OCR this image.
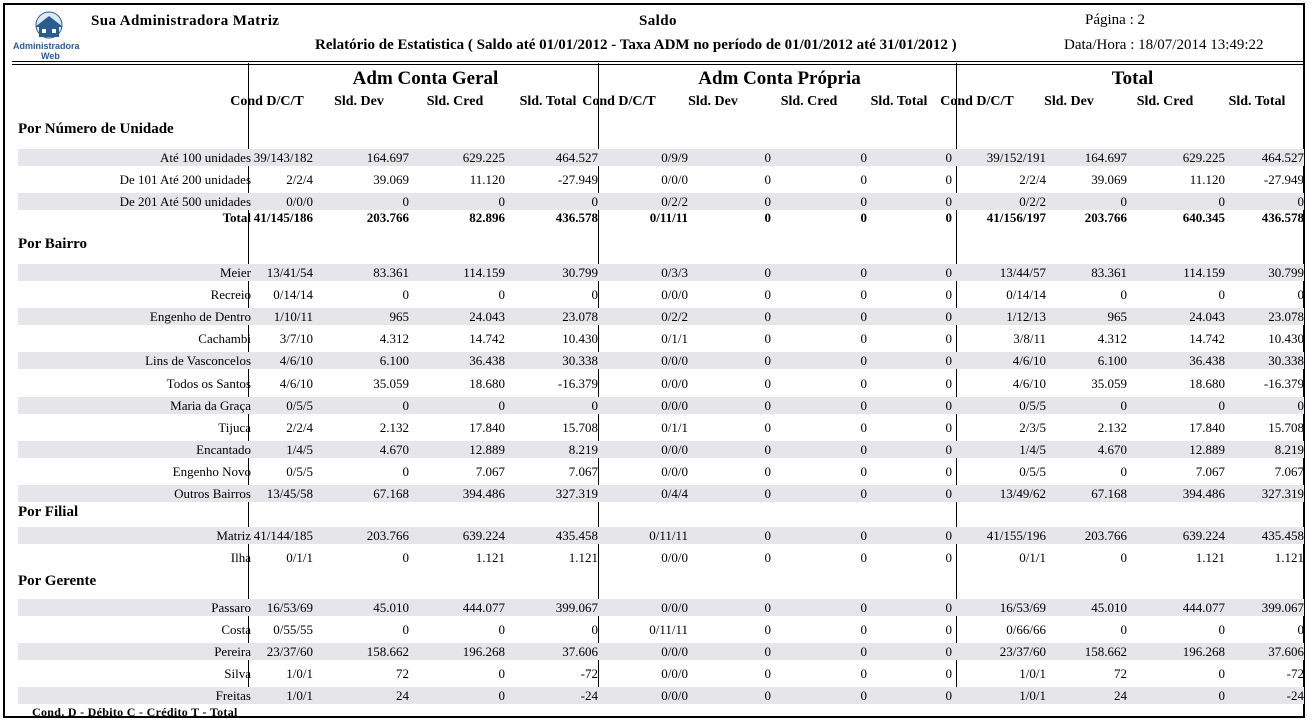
Administradora
Web
Sua Administradora Matriz	Saldo
Relatório de Estatistica ( Saldo até 01/01/2012 - Taxa ADM no período de 01/01/2012 até 31/01/2012 )
Página : 2
Data/Hora : 18/07/2014 13:49:22
Adm Conta Geral	Adm Conta Própria	Total
Cond D/C/T	Sld. Dev	Sld. Cred	Sld. Total Cond D/C/T	Sld. Dev	Sld. Cred	Sld. Total Cond D/C/T	Sld. Dev	Sld. Cred	Sld. Total
Por Número de Unidade
Até 100 unidades 39/143/182	164.697	629.225	464.527	0/9/9	0	0	0	39/152/191	164.697	629.225	464.527
De 101 Até 200 unidades	2/2/4	39.069	11.120	-27.949	0/0/0	0	0	0	2/2/4	39.069	11.120	-27.949
De 201 Até 500 unidades	0/0/0	0	0	0	0/2/2	0	0	0	0/2/2	0	0	0
Total 41/145/186	203.766	82.896	436.578	0/11/11	0	0	0	41/156/197	203.766	640.345	436.578
Por Bairro
Meier 13/41/54	83.361	114.159	30.799	0/3/3	0	0	0	13/44/57	83.361	114.159	30.799
Recreio 0/14/14	0	0	0	0/0/0	0	0	0	0/14/14	0	0	0
Engenho de Dentro 1/10/11	965	24.043	23.078	0/2/2	0	0	0	1/12/13	965	24.043	23.078
Cachambi 3/7/10	4.312	14.742	10.430	0/1/1	0	0	0	3/8/11	4.312	14.742	10.430
Lins de Vasconcelos 4/6/10	6.100	36.438	30.338	0/0/0	0	0	0	4/6/10	6.100	36.438	30.338
Todos os Santos 4/6/10	35.059	18.680	-16.379	0/0/0	0	0	0	4/6/10	35.059	18.680	-16.379
Maria da Graça	0/5/5	0	0	0	0/0/0	0	0	0	0/5/5	0	0	0
Tijuca	2/2/4	2.132	17.840	15.708	0/1/1	0	0	0	2/3/5	2.132	17.840	15.708
Encantado	1/4/5	4.670	12.889	8.219	0/0/0	0	0	0	1/4/5	4.670	12.889	8.219
Engenho Novo	0/5/5	0	7.067	7.067	0/0/0	0	0	0	0/5/5	0	7.067	7.067
Outros Bairros 13/45/58	67.168	394.486	327.319	0/4/4	0	0	0	13/49/62	67.168	394.486	327.319
Por Filial
Matriz 41/144/185	203.766	639.224	435.458	0/11/11	0	0	0	41/155/196	203.766	639.224	435.458
Ilha	0/1/1	0	1.121	1.121	0/0/0	0	0	0	0/1/1	0	1.121	1.121
Por Gerente
Passaro 16/53/69	45.010	444.077	399.067	0/0/0	0	0	0	16/53/69	45.010	444.077	399.067
Costa 0/55/55	0	0	0	0/11/11	0	0	0	0/66/66	0	0	0
Pereira 23/37/60	158.662	196.268	37.606	0/0/0	0	0	0	23/37/60	158.662	196.268	37.606
Silva	1/0/1	72	0	-72	0/0/0	0	0	0	1/0/1	72	0	-72
Freitas	1/0/1	24	0	-24	0/0/0	0	0	0	1/0/1	24	0	-24
Cond. D - Débito C - Crédito T - Total
